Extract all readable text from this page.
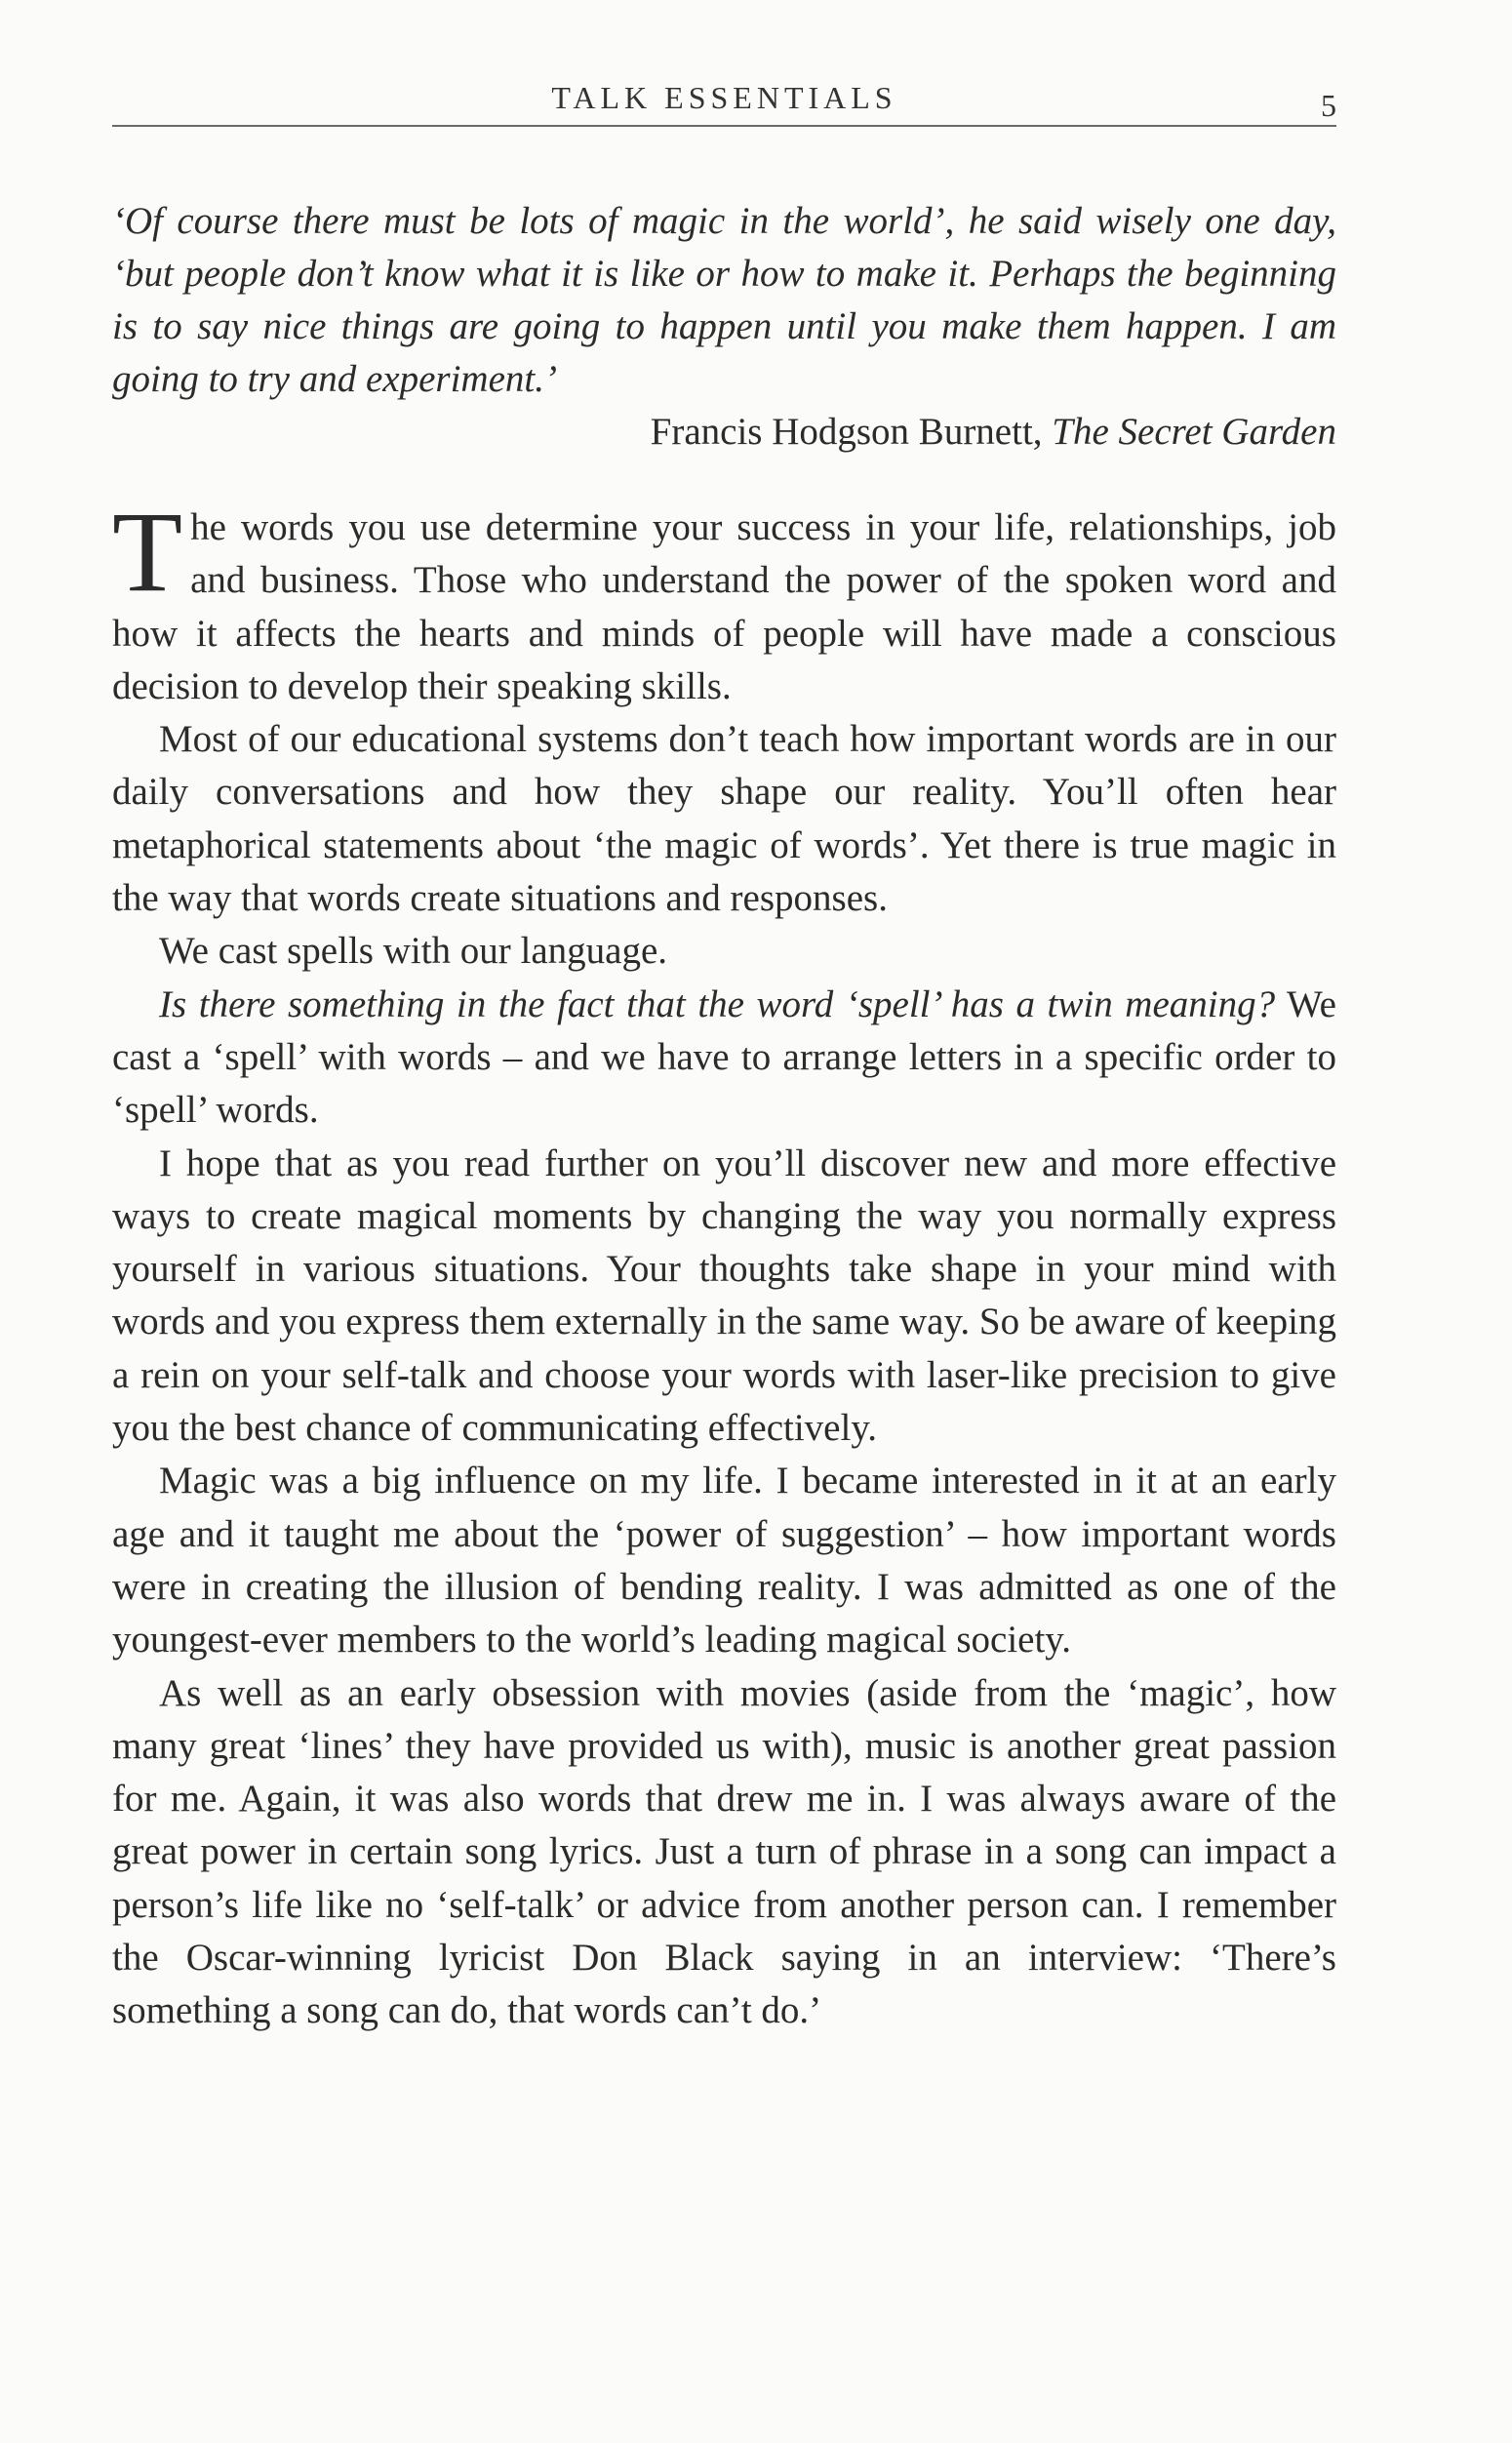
TALK ESSENTIALS	5
‘Of course there must be lots of magic in the world’, he said wisely one day, ‘but people don’t know what it is like or how to make it. Perhaps the beginning is to say nice things are going to happen until you make them happen. I am going to try and experiment.’
Francis Hodgson Burnett, The Secret Garden

The words you use determine your success in your life, relationships, job and business. Those who understand the power of the spoken word and how it affects the hearts and minds of people will have made a conscious decision to develop their speaking skills.

Most of our educational systems don’t teach how important words are in our daily conversations and how they shape our reality. You’ll often hear metaphorical statements about ‘the magic of words’. Yet there is true magic in the way that words create situations and responses.

We cast spells with our language.

Is there something in the fact that the word ‘spell’ has a twin meaning? We cast a ‘spell’ with words – and we have to arrange letters in a specific order to ‘spell’ words.

I hope that as you read further on you’ll discover new and more effective ways to create magical moments by changing the way you normally express yourself in various situations. Your thoughts take shape in your mind with words and you express them externally in the same way. So be aware of keeping a rein on your self-talk and choose your words with laser-like precision to give you the best chance of communicating effectively.

Magic was a big influence on my life. I became interested in it at an early age and it taught me about the ‘power of suggestion’ – how important words were in creating the illusion of bending reality. I was admitted as one of the youngest-ever members to the world’s leading magical society.

As well as an early obsession with movies (aside from the ‘magic’, how many great ‘lines’ they have provided us with), music is another great passion for me. Again, it was also words that drew me in. I was always aware of the great power in certain song lyrics. Just a turn of phrase in a song can impact a person’s life like no ‘self-talk’ or advice from another person can. I remember the Oscar-winning lyricist Don Black saying in an interview: ‘There’s something a song can do, that words can’t do.’
